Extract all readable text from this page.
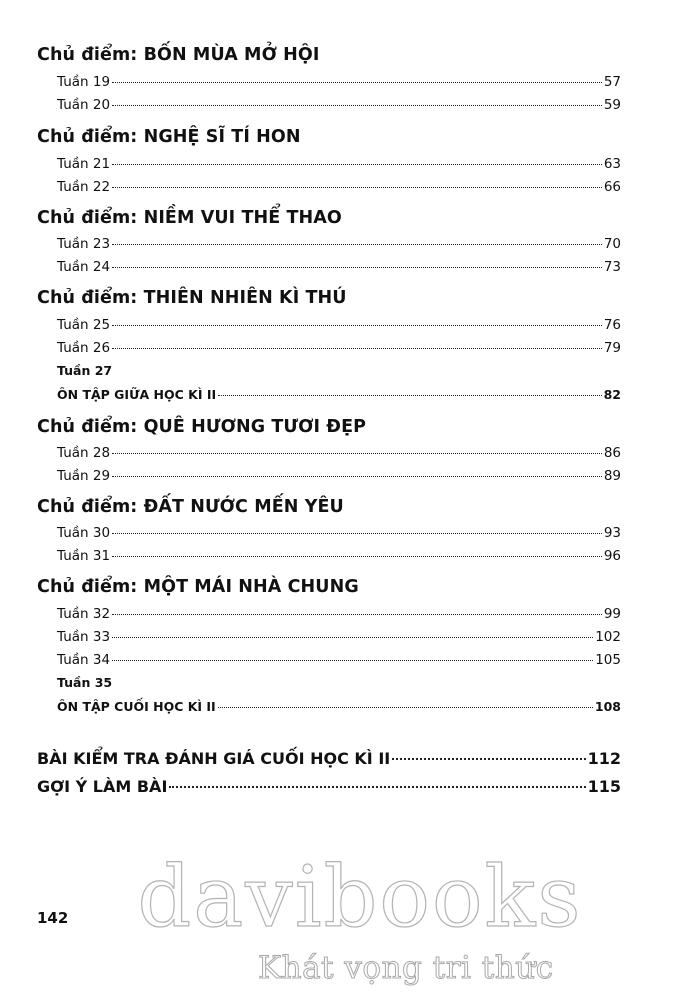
Chủ điểm: BỐN MÙA MỞ HỘI
Tuần 19	57
Tuần 20	59
Chủ điểm: NGHỆ SĨ TÍ HON
Tuần 21	63
Tuần 22	66
Chủ điểm: NIỀM VUI THỂ THAO
Tuần 23	70
Tuần 24	73
Chủ điểm: THIÊN NHIÊN KÌ THÚ
Tuần 25	76
Tuần 26	79
Tuần 27
ÔN TẬP GIỮA HỌC KÌ II	82
Chủ điểm: QUÊ HƯƠNG TƯƠI ĐẸP
Tuần 28	86
Tuần 29	89
Chủ điểm: ĐẤT NƯỚC MẾN YÊU
Tuần 30	93
Tuần 31	96
Chủ điểm: MỘT MÁI NHÀ CHUNG
Tuần 32	99
Tuần 33	102
Tuần 34	105
Tuần 35
ÔN TẬP CUỐI HỌC KÌ II	108
BÀI KIỂM TRA ĐÁNH GIÁ CUỐI HỌC KÌ II	112
GỢI Ý LÀM BÀI	115
142 davibooks
Khát vọng tri thức
